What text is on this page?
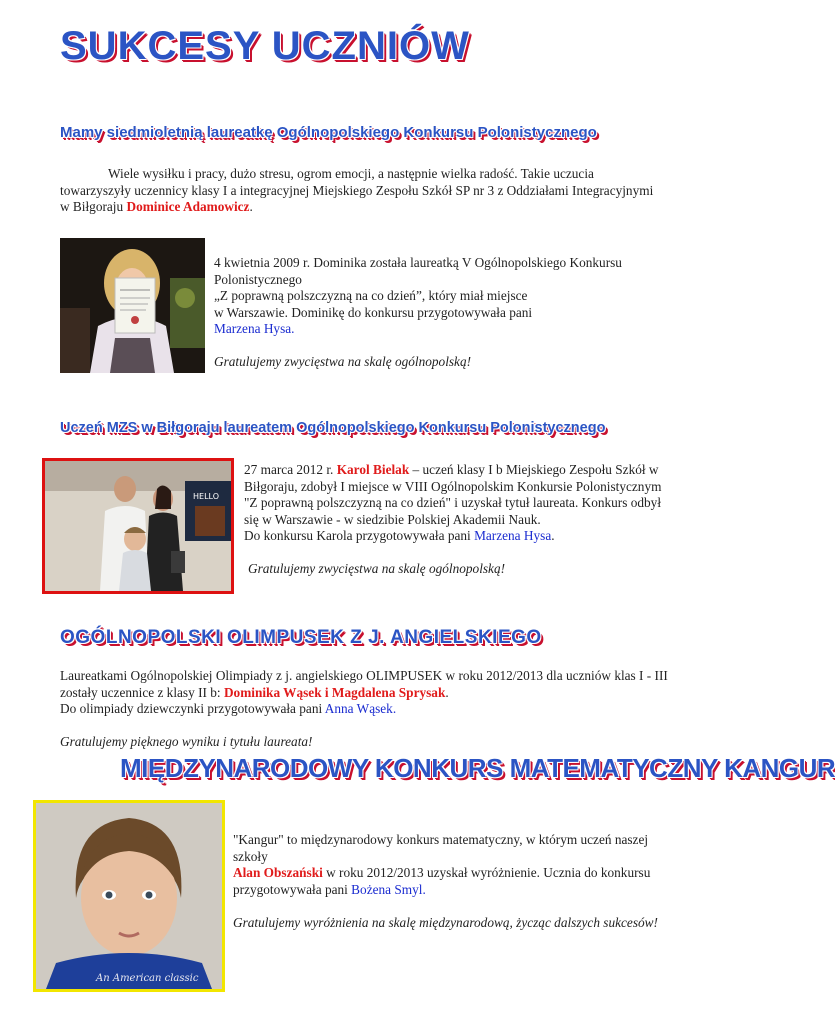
SUKCESY UCZNIÓW
Mamy siedmioletnią laureatkę Ogólnopolskiego Konkursu Polonistycznego

Wiele wysiłku i pracy, dużo stresu, ogrom emocji, a następnie wielka radość. Takie uczucia towarzyszyły uczennicy klasy I a integracyjnej Miejskiego Zespołu Szkół SP nr 3 z Oddziałami Integracyjnymi w Biłgoraju Dominice Adamowicz.

4 kwietnia 2009 r. Dominika została laureatką V Ogólnopolskiego Konkursu Polonistycznego

„Z poprawną polszczyzną na co dzień”, który miał miejsce

w Warszawie. Dominikę do konkursu przygotowywała pani

Marzena Hysa.

Gratulujemy zwycięstwa na skalę ogólnopolską!

Uczeń MZS w Biłgoraju laureatem Ogólnopolskiego Konkursu Polonistycznego
HELLO

27 marca 2012 r. Karol Bielak – uczeń klasy I b Miejskiego Zespołu Szkół w Biłgoraju, zdobył I miejsce w VIII Ogólnopolskim Konkursie Polonistycznym "Z poprawną polszczyzną na co dzień" i uzyskał tytuł laureata. Konkurs odbył się w Warszawie - w siedzibie Polskiej Akademii Nauk.

Do konkursu Karola przygotowywała pani Marzena Hysa.

Gratulujemy zwycięstwa na skalę ogólnopolską!

OGÓLNOPOLSKI OLIMPUSEK Z J. ANGIELSKIEGO

Laureatkami Ogólnopolskiej Olimpiady z j. angielskiego OLIMPUSEK w roku 2012/2013 dla uczniów klas I - III zostały uczennice z klasy II b: Dominika Wąsek i Magdalena Sprysak.

Do olimpiady dziewczynki przygotowywała pani Anna Wąsek.

Gratulujemy pięknego wyniku i tytułu laureata!

MIĘDZYNARODOWY KONKURS MATEMATYCZNY KANGUR
An American classic

"Kangur" to międzynarodowy konkurs matematyczny, w którym uczeń naszej szkoły

Alan Obszański w roku 2012/2013 uzyskał wyróżnienie. Ucznia do konkursu przygotowywała pani Bożena Smyl.

Gratulujemy wyróżnienia na skalę międzynarodową, życząc dalszych sukcesów!
